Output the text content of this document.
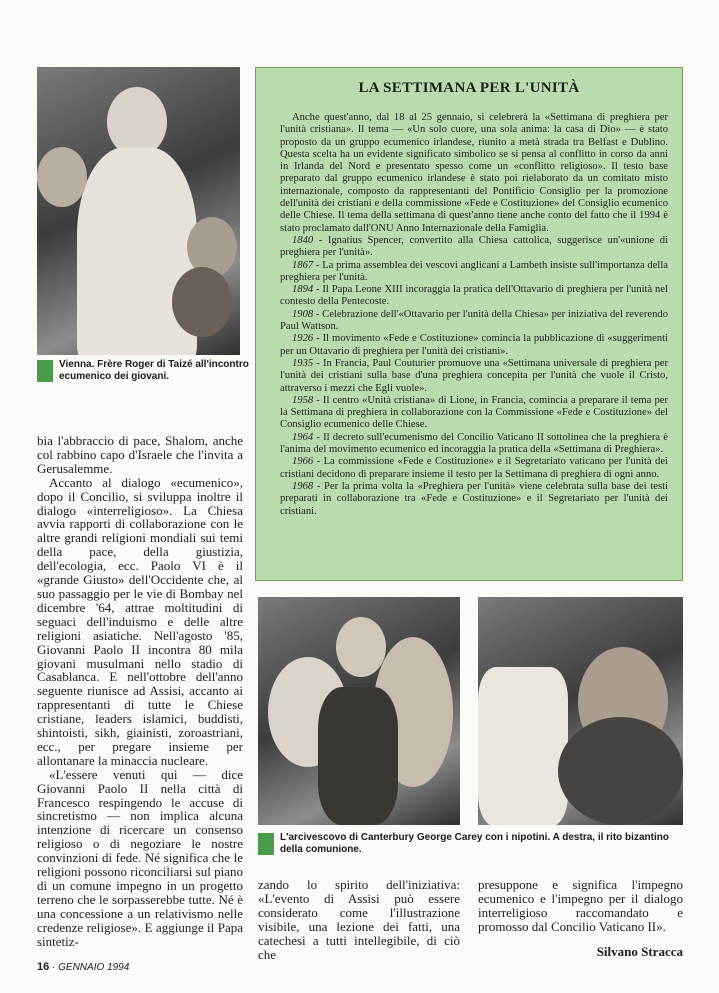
Vienna. Frère Roger di Taizé all'incontro ecumenico dei giovani.
LA SETTIMANA PER L'UNITÀ

Anche quest'anno, dal 18 al 25 gennaio, si celebrerà la «Settimana di preghiera per l'unità cristiana». Il tema — «Un solo cuore, una sola anima: la casa di Dio» — è stato proposto da un gruppo ecumenico irlandese, riunito a metà strada tra Belfast e Dublino. Questa scelta ha un evidente significato simbolico se si pensa al conflitto in corso da anni in Irlanda del Nord e presentato spesso come un «conflitto religioso». Il testo base preparato dal gruppo ecumenico irlandese è stato poi rielaborato da un comitato misto internazionale, composto da rappresentanti del Pontificio Consiglio per la promozione dell'unità dei cristiani e della commissione «Fede e Costituzione» del Consiglio ecumenico delle Chiese. Il tema della settimana di quest'anno tiene anche conto del fatto che il 1994 è stato proclamato dall'ONU Anno Internazionale della Famiglia.

1840 - Ignatius Spencer, convertito alla Chiesa cattolica, suggerisce un'«unione di preghiera per l'unità».

1867 - La prima assemblea dei vescovi anglicani a Lambeth insiste sull'importanza della preghiera per l'unità.

1894 - Il Papa Leone XIII incoraggia la pratica dell'Ottavario di preghiera per l'unità nel contesto della Pentecoste.

1908 - Celebrazione dell'«Ottavario per l'unità della Chiesa» per iniziativa del reverendo Paul Wattson.

1926 - Il movimento «Fede e Costituzione» comincia la pubblicazione di «suggerimenti per un Ottavario di preghiera per l'unità dei cristiani».

1935 - In Francia, Paul Couturier promuove una «Settimana universale di preghiera per l'unità dei cristiani sulla base d'una preghiera concepita per l'unità che vuole il Cristo, attraverso i mezzi che Egli vuole».

1958 - Il centro «Unità cristiana» di Lione, in Francia, comincia a preparare il tema per la Settimana di preghiera in collaborazione con la Commissione «Fede e Costituzione» del Consiglio ecumenico delle Chiese.

1964 - Il decreto sull'ecumenismo del Concilio Vaticano II sottolinea che la preghiera è l'anima del movimento ecumenico ed incoraggia la pratica della «Settimana di Preghiera».

1966 - La commissione «Fede e Costituzione» e il Segretariato vaticano per l'unità dei cristiani decidono di preparare insieme il testo per la Settimana di preghiera di ogni anno.

1968 - Per la prima volta la «Preghiera per l'unità» viene celebrata sulla base dei testi preparati in collaborazione tra «Fede e Costituzione» e il Segretariato per l'unità dei cristiani.

bia l'abbraccio di pace, Shalom, anche col rabbino capo d'Israele che l'invita a Gerusalemme.

Accanto al dialogo «ecumenico», dopo il Concilio, si sviluppa inoltre il dialogo «interreligioso». La Chiesa avvia rapporti di collaborazione con le altre grandi religioni mondiali sui temi della pace, della giustizia, dell'ecologia, ecc. Paolo VI è il «grande Giusto» dell'Occidente che, al suo passaggio per le vie di Bombay nel dicembre '64, attrae moltitudini di seguaci dell'induismo e delle altre religioni asiatiche. Nell'agosto '85, Giovanni Paolo II incontra 80 mila giovani musulmani nello stadio di Casablanca. E nell'ottobre dell'anno seguente riunisce ad Assisi, accanto ai rappresentanti di tutte le Chiese cristiane, leaders islamici, buddisti, shintoisti, sikh, giainisti, zoroastriani, ecc., per pregare insieme per allontanare la minaccia nucleare.

«L'essere venuti qui — dice Giovanni Paolo II nella città di Francesco respingendo le accuse di sincretismo — non implica alcuna intenzione di ricercare un consenso religioso o di negoziare le nostre convinzioni di fede. Né significa che le religioni possono riconciliarsi sul piano di un comune impegno in un progetto terreno che le sorpasserebbe tutte. Né è una concessione a un relativismo nelle credenze religiose». E aggiunge il Papa sintetiz-

L'arcivescovo di Canterbury George Carey con i nipotini. A destra, il rito bizantino della comunione.

zando lo spirito dell'iniziativa: «L'evento di Assisi può essere considerato come l'illustrazione visibile, una lezione dei fatti, una catechesi a tutti intellegibile, di ciò che

presuppone e significa l'impegno ecumenico e l'impegno per il dialogo interreligioso raccomandato e promosso dal Concilio Vaticano II».

Silvano Stracca
16 · GENNAIO 1994
